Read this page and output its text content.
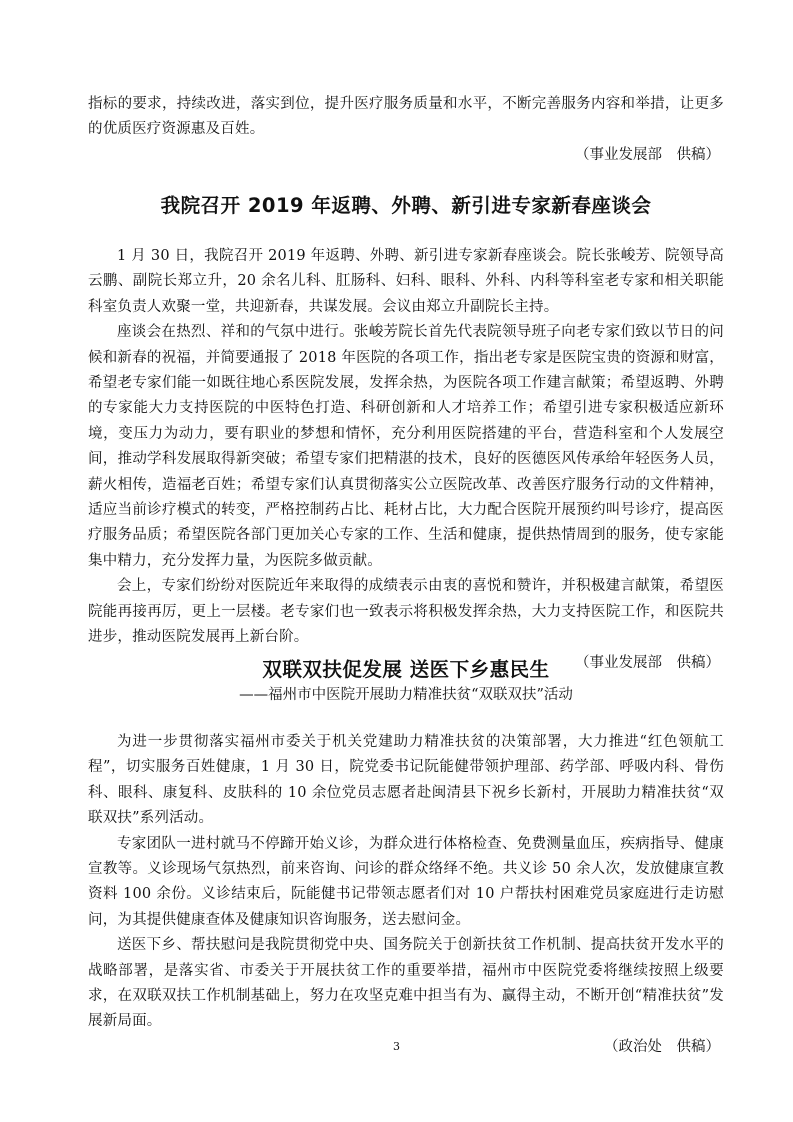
指标的要求，持续改进，落实到位，提升医疗服务质量和水平，不断完善服务内容和举措，让更多的优质医疗资源惠及百姓。

（事业发展部　供稿）
我院召开 2019 年返聘、外聘、新引进专家新春座谈会

1 月 30 日，我院召开 2019 年返聘、外聘、新引进专家新春座谈会。院长张峻芳、院领导高云鹏、副院长郑立升，20 余名儿科、肛肠科、妇科、眼科、外科、内科等科室老专家和相关职能科室负责人欢聚一堂，共迎新春，共谋发展。会议由郑立升副院长主持。

座谈会在热烈、祥和的气氛中进行。张峻芳院长首先代表院领导班子向老专家们致以节日的问候和新春的祝福，并简要通报了 2018 年医院的各项工作，指出老专家是医院宝贵的资源和财富，希望老专家们能一如既往地心系医院发展，发挥余热，为医院各项工作建言献策；希望返聘、外聘的专家能大力支持医院的中医特色打造、科研创新和人才培养工作；希望引进专家积极适应新环境，变压力为动力，要有职业的梦想和情怀，充分利用医院搭建的平台，营造科室和个人发展空间，推动学科发展取得新突破；希望专家们把精湛的技术，良好的医德医风传承给年轻医务人员，薪火相传，造福老百姓；希望专家们认真贯彻落实公立医院改革、改善医疗服务行动的文件精神，适应当前诊疗模式的转变，严格控制药占比、耗材占比，大力配合医院开展预约叫号诊疗，提高医疗服务品质；希望医院各部门更加关心专家的工作、生活和健康，提供热情周到的服务，使专家能集中精力，充分发挥力量，为医院多做贡献。

会上，专家们纷纷对医院近年来取得的成绩表示由衷的喜悦和赞许，并积极建言献策，希望医院能再接再厉，更上一层楼。老专家们也一致表示将积极发挥余热，大力支持医院工作，和医院共进步，推动医院发展再上新台阶。

（事业发展部　供稿）
双联双扶促发展 送医下乡惠民生
——福州市中医院开展助力精准扶贫“双联双扶”活动

为进一步贯彻落实福州市委关于机关党建助力精准扶贫的决策部署，大力推进“红色领航工程”，切实服务百姓健康，1 月 30 日，院党委书记阮能健带领护理部、药学部、呼吸内科、骨伤科、眼科、康复科、皮肤科的 10 余位党员志愿者赴闽清县下祝乡长新村，开展助力精准扶贫“双联双扶”系列活动。

专家团队一进村就马不停蹄开始义诊，为群众进行体格检查、免费测量血压，疾病指导、健康宣教等。义诊现场气氛热烈，前来咨询、问诊的群众络绎不绝。共义诊 50 余人次，发放健康宣教资料 100 余份。义诊结束后，阮能健书记带领志愿者们对 10 户帮扶村困难党员家庭进行走访慰问，为其提供健康查体及健康知识咨询服务，送去慰问金。

送医下乡、帮扶慰问是我院贯彻党中央、国务院关于创新扶贫工作机制、提高扶贫开发水平的战略部署，是落实省、市委关于开展扶贫工作的重要举措，福州市中医院党委将继续按照上级要求，在双联双扶工作机制基础上，努力在攻坚克难中担当有为、赢得主动，不断开创“精准扶贫”发展新局面。

（政治处　供稿）
3
